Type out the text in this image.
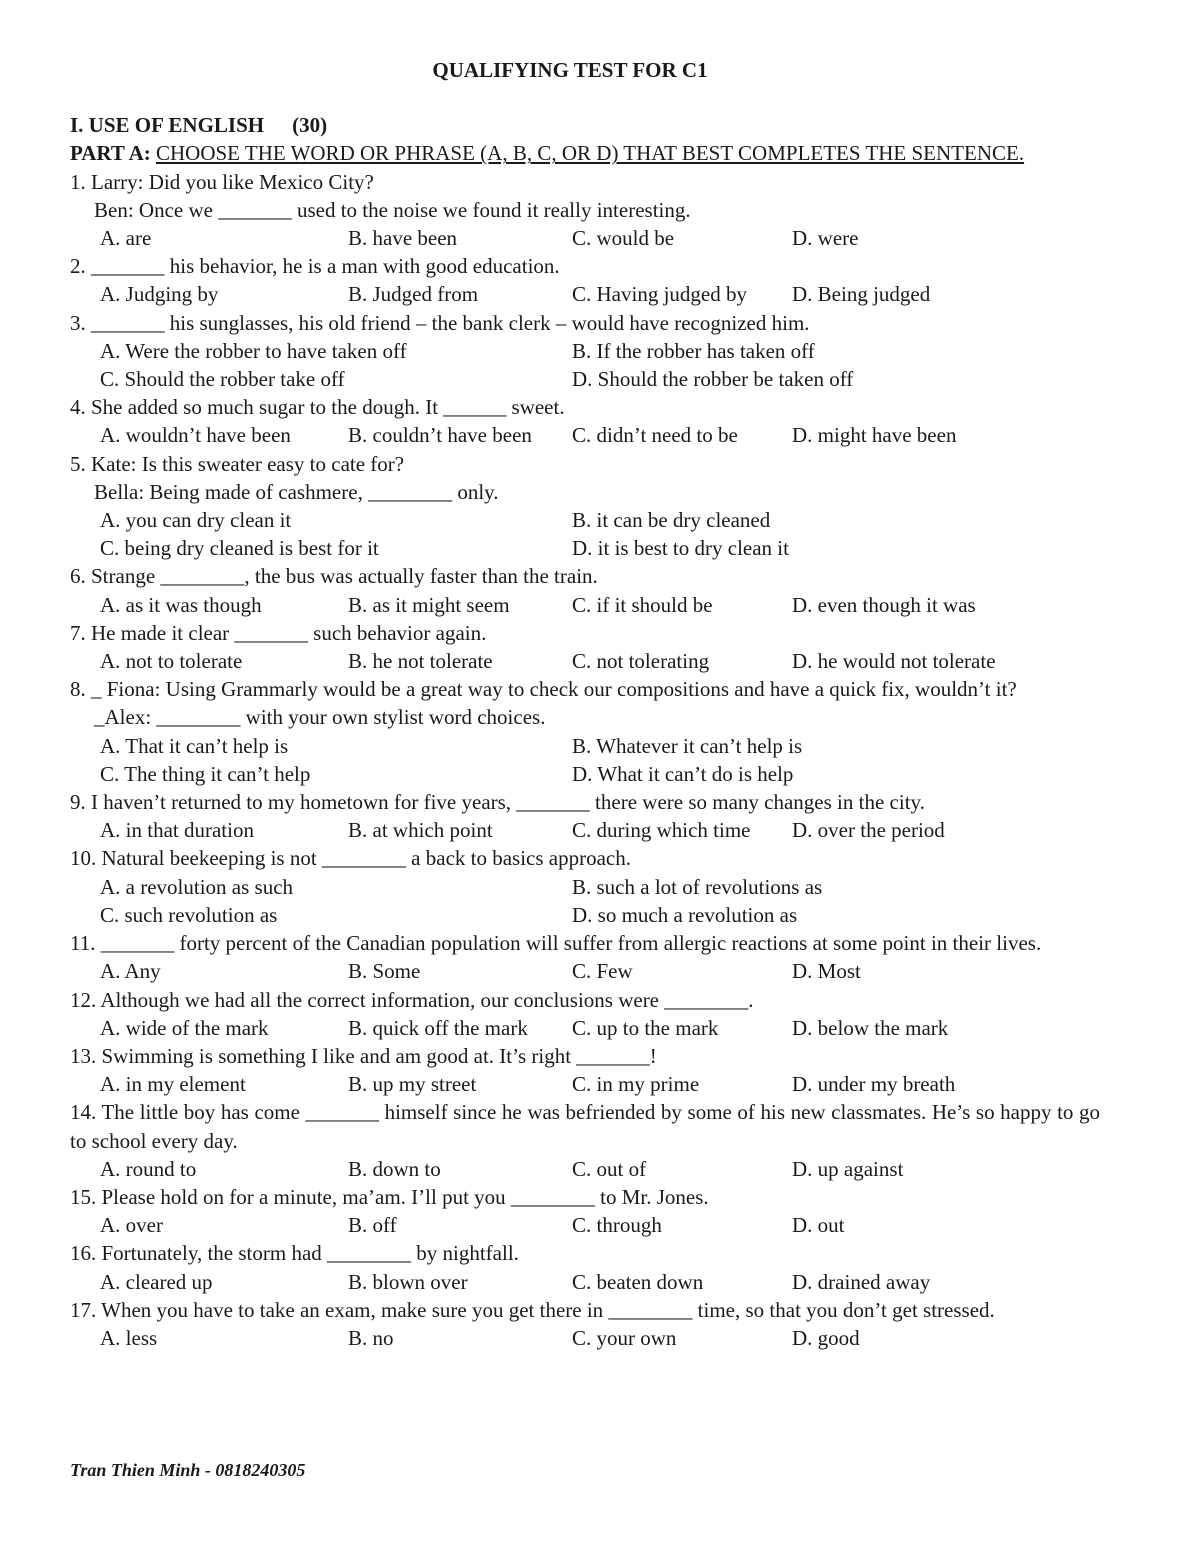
QUALIFYING TEST FOR C1
I. USE OF ENGLISH (30)
PART A: CHOOSE THE WORD OR PHRASE (A, B, C, OR D) THAT BEST COMPLETES THE SENTENCE.
1. Larry: Did you like Mexico City?
Ben: Once we _______ used to the noise we found it really interesting.
A. are	B. have been	C. would be	D. were
2. _______ his behavior, he is a man with good education.
A. Judging by	B. Judged from	C. Having judged by	D. Being judged
3. _______ his sunglasses, his old friend – the bank clerk – would have recognized him.
A. Were the robber to have taken off	B. If the robber has taken off
C. Should the robber take off	D. Should the robber be taken off
4. She added so much sugar to the dough. It ______ sweet.
A. wouldn’t have been	B. couldn’t have been	C. didn’t need to be	D. might have been
5. Kate: Is this sweater easy to cate for?
Bella: Being made of cashmere, ________ only.
A. you can dry clean it	B. it can be dry cleaned
C. being dry cleaned is best for it	D. it is best to dry clean it
6. Strange ________, the bus was actually faster than the train.
A. as it was though	B. as it might seem	C. if it should be	D. even though it was
7. He made it clear _______ such behavior again.
A. not to tolerate	B. he not tolerate	C. not tolerating	D. he would not tolerate
8. _ Fiona: Using Grammarly would be a great way to check our compositions and have a quick fix, wouldn’t it?
_Alex: ________ with your own stylist word choices.
A. That it can’t help is	B. Whatever it can’t help is
C. The thing it can’t help	D. What it can’t do is help
9. I haven’t returned to my hometown for five years, _______ there were so many changes in the city.
A. in that duration	B. at which point	C. during which time	D. over the period
10. Natural beekeeping is not ________ a back to basics approach.
A. a revolution as such	B. such a lot of revolutions as
C. such revolution as	D. so much a revolution as
11. _______ forty percent of the Canadian population will suffer from allergic reactions at some point in their lives.
A. Any	B. Some	C. Few	D. Most
12. Although we had all the correct information, our conclusions were ________.
A. wide of the mark	B. quick off the mark	C. up to the mark	D. below the mark
13. Swimming is something I like and am good at. It’s right _______!
A. in my element	B. up my street	C. in my prime	D. under my breath
14. The little boy has come _______ himself since he was befriended by some of his new classmates. He’s so happy to go to school every day.
A. round to	B. down to	C. out of	D. up against
15. Please hold on for a minute, ma’am. I’ll put you ________ to Mr. Jones.
A. over	B. off	C. through	D. out
16. Fortunately, the storm had ________ by nightfall.
A. cleared up	B. blown over	C. beaten down	D. drained away
17. When you have to take an exam, make sure you get there in ________ time, so that you don’t get stressed.
A. less	B. no	C. your own	D. good
Tran Thien Minh - 0818240305
